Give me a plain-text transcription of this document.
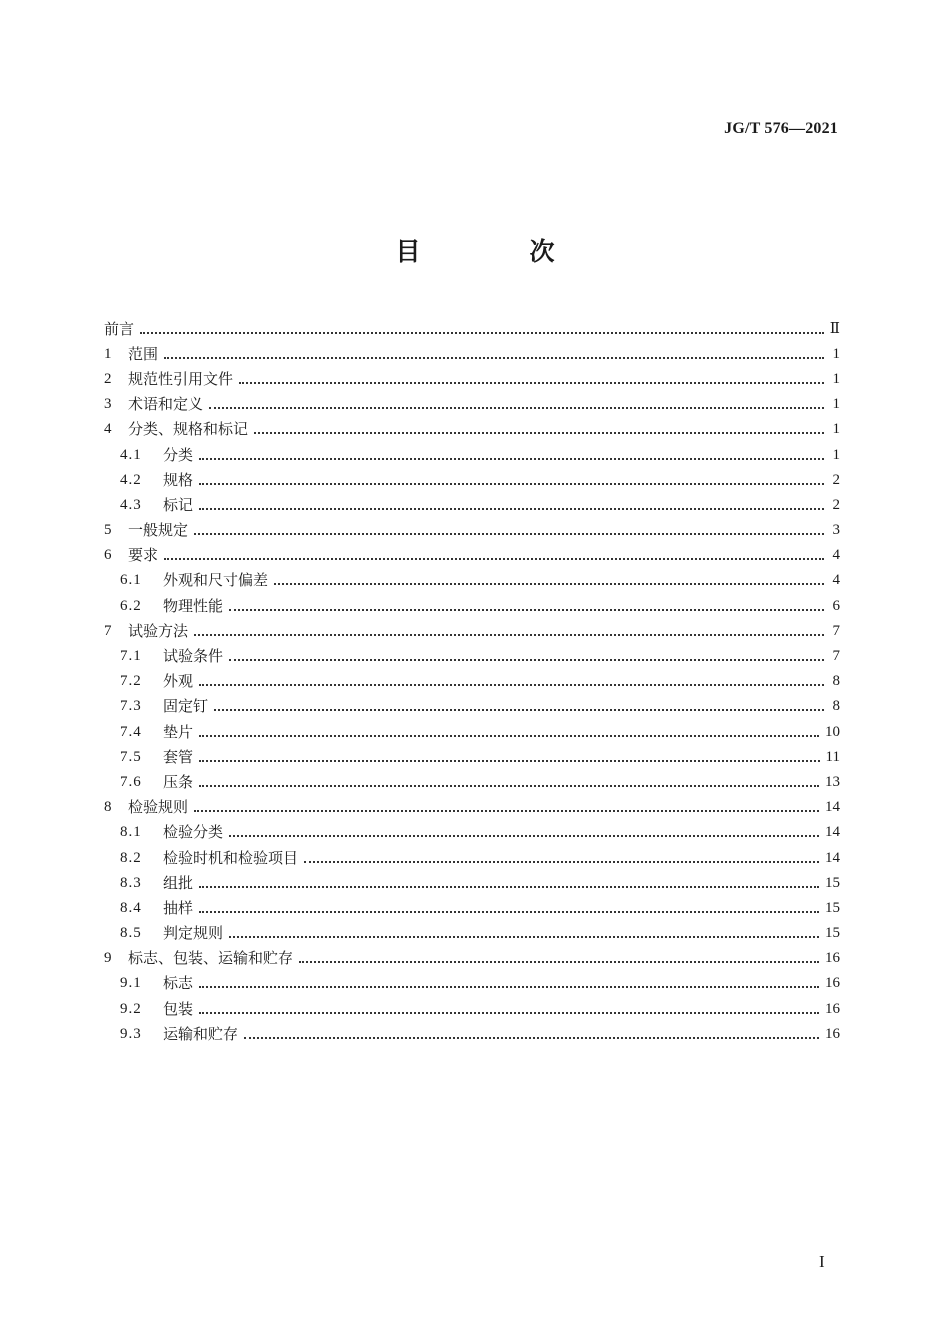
JG/T 576—2021
目　次
前言	Ⅱ
1	范围	1
2	规范性引用文件	1
3	术语和定义	1
4	分类、规格和标记	1
4.1	分类	1
4.2	规格	2
4.3	标记	2
5	一般规定	3
6	要求	4
6.1	外观和尺寸偏差	4
6.2	物理性能	6
7	试验方法	7
7.1	试验条件	7
7.2	外观	8
7.3	固定钉	8
7.4	垫片	10
7.5	套管	11
7.6	压条	13
8	检验规则	14
8.1	检验分类	14
8.2	检验时机和检验项目	14
8.3	组批	15
8.4	抽样	15
8.5	判定规则	15
9	标志、包装、运输和贮存	16
9.1	标志	16
9.2	包装	16
9.3	运输和贮存	16
I
